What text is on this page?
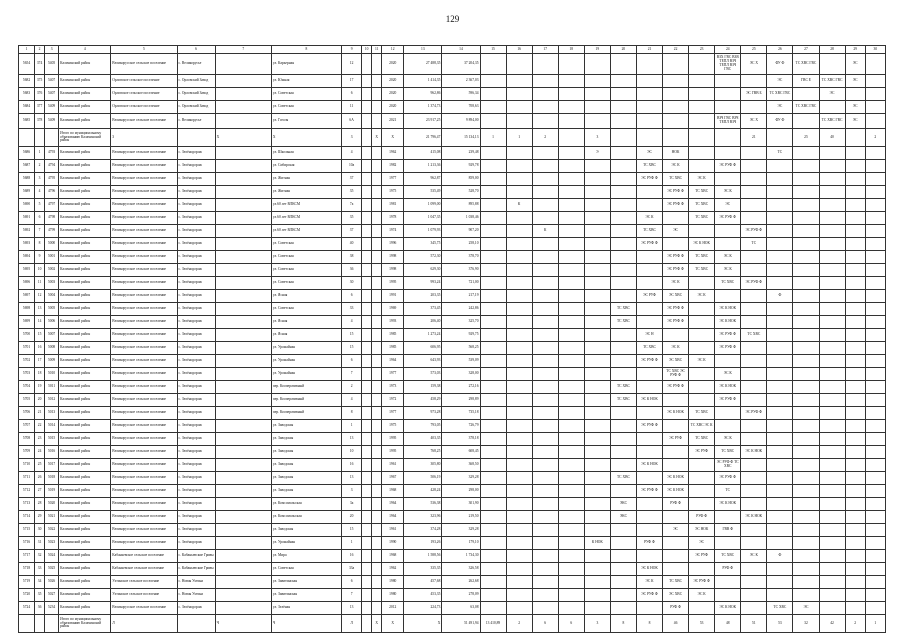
129
1	2	3	4	5	6	7	8	9	10	11	12	13	14	15	16	17	18	19	20	21	22	23	24	25	26	27	28	29	30
5654	374	5405	Калачинский район	Великорусское сельское поселение	с. Великорусье		ул. Карьерная	12			2020	27 488,35	37 204,35										ВЗХ ГВС ВЗВ ТЕПЛ ВЗЧ ТЕПЛ ВЗЧ ГВС	ЭС Х	ФУ Ф	ТС ХВС ГВС		ЭС	
5682	375	5407	Калачинский район	Орловское сельское поселение	с. Орловский Завод		ул. Южная	17			2020	1 414,35	2 367,03												ЭС	ГВС Е	ТС ХВС ГВС	ЭС	
5683	376	5407	Калачинский район	Орловское сельское поселение	с. Орловский Завод		ул. Советская	6			2020	962,86	596,34											ЭС ГВВ Б	ТС ХВС ГВС		ЭС		
5684	377	5409	Калачинский район	Орловское сельское поселение	с. Орловский Завод		ул. Советская	11			2020	1 374,73	708,63												ЭС	ТС ХВС ГВС		ЭС	
5685	378	5409	Калачинский район	Великорусское сельское поселение	с. Великорусье		ул. Гоголя	6А			2021	23 917,25	9 894,00										ВЗЧ ГВС ВЗЧ ТЕПЛ ВЗЧ	ЭС Х	ФУ Ф		ТС ХВС ГВС	ЭС	
			Итого по муниципальному образованию Калачинский район	3		Х	Х	3		Х	Х	21 796,47	15 134,13	1	1	2		3						21		25	40		2
5686	1	4793	Калачинский район	Великорусское сельское поселение	с. Зелёнодорож		ул. Школьная	4			1962	415,08	239,48					Э		ЭС	НОК				ТС				
5687	2	4794	Калачинский район	Великорусское сельское поселение	с. Зелёнодорож		ул. Сибирская	10а			1982	1 213,36	929,78							ТС ХВС	ЭС К		ЭС РУФ Ф						
5688	3	4795	Калачинский район	Великорусское сельское поселение	с. Зелёнодорож		ул. Житная	37			1977	962,87	859,00							ЭС РУФ Ф	ТС ХВС	ЭС К							
5689	4	4796	Калачинский район	Великорусское сельское поселение	с. Зелёнодорож		ул. Житная	35			1975	535,49	528,70								ЭС РУФ Ф	ТС ХВС	ЭС К						
5690	5	4797	Калачинский район	Великорусское сельское поселение	с. Зелёнодорож		ул.60 лет ВЛКСМ	7а			1981	1 099,00	895,88		К						ЭС РУФ Ф	ТС ХВС	ЭС						
5691	6	4798	Калачинский район	Великорусское сельское поселение	с. Зелёнодорож		ул.60 лет ВЛКСМ	35			1978	1 047,35	1 038,46							ЭС К		ТС ХВС	ЭС РУФ Ф						
5692	7	4799	Калачинский район	Великорусское сельское поселение	с. Зелёнодорож		ул.60 лет ВЛКСМ	37			1974	1 079,93	907,20			К				ТС ХВС	ЭС			ЭС РУФ Ф					
5693	8	5000	Калачинский район	Великорусское сельское поселение	с. Зелёнодорож		ул. Советская	40			1996	345,75	258,10							ЭС РУФ Ф		ЭС К НОК		ТС					
5694	9	5001	Калачинский район	Великорусское сельское поселение	с. Зелёнодорож		ул. Советская	38			1998	572,30	378,70								ЭС РУФ Ф	ТС ХВС	ЭС К						
5695	10	5002	Калачинский район	Великорусское сельское поселение	с. Зелёнодорож		ул. Советская	36			1998	629,30	376,90								ЭС РУФ Ф	ТС ХВС	ЭС К						
5696	11	5003	Калачинский район	Великорусское сельское поселение	с. Зелёнодорож		ул. Советская	30			1995	993,24	721,00								ЭС К		ТС ХВС	ЭС РУФ Ф					
5697	12	5004	Калачинский район	Великорусское сельское поселение	с. Зелёнодорож		ул. Ясная	6			1991	203,35	217,19							ЭС РУФ	ЭС ХВС	ЭС К			Ф				
5698	13	5005	Калачинский район	Великорусское сельское поселение	с. Зелёнодорож		ул. Советская	33			1969	373,45	242,86						ТС ХВС		ЭС РУФ Ф		ЭС К НОК						
5699	14	5006	Калачинский район	Великорусское сельское поселение	с. Зелёнодорож		ул. Ясная	4			1993	206,40	325,70						ТС ХВС		ЭС РУФ Ф		ЭС К НОК						
5700	15	5007	Калачинский район	Великорусское сельское поселение	с. Зелёнодорож		ул. Ясная	15			1985	1 273,24	929,75							ЭС Н			ЭС РУФ Ф	ТС ХВС					
5701	16	5008	Калачинский район	Великорусское сельское поселение	с. Зелёнодорож		ул. Урожайная	15			1985	606,95	568,25							ТС ХВС	ЭС К		ЭС РУФ Ф						
5702	17	5009	Калачинский район	Великорусское сельское поселение	с. Зелёнодорож		ул. Урожайная	6			1964	643,93	539,09							ЭС РУФ Ф	ЭС ХВС	ЭС К							
5703	18	5010	Калачинский район	Великорусское сельское поселение	с. Зелёнодорож		ул. Урожайная	7			1977	573,03	328,00								ТС ХВС ЭС РУФ Ф		ЭС К						
5704	19	5011	Калачинский район	Великорусское сельское поселение	с. Зелёнодорож		пер. Кооперативный	2			1973	159,38	272,16						ТС ХВС		ЭС РУФ Ф		ЭС К НОК						
5705	20	5012	Калачинский район	Великорусское сельское поселение	с. Зелёнодорож		пер. Кооперативный	4			1972	458,29	298,89						ТС ХВС	ЭС К НОК			ЭС РУФ Ф						
5706	21	5013	Калачинский район	Великорусское сельское поселение	с. Зелёнодорож		пер. Кооперативный	8			1977	973,28	735,18								ЭС К НОК	ТС ХВС		ЭС РУФ Ф					
5707	22	5014	Калачинский район	Великорусское сельское поселение	с. Зелёнодорож		ул. Заводская	1			1975	793,05	726,79							ЭС РУФ Ф		ТС ХВС ЭС К							
5708	23	5015	Калачинский район	Великорусское сельское поселение	с. Зелёнодорож		ул. Заводская	13			1995	403,35	378,18								ЭС РУФ	ТС ХВС	ЭС К						
5709	24	5016	Калачинский район	Великорусское сельское поселение	с. Зелёнодорож		ул. Заводская	10			1995	768,25	608,45									ЭС РУФ	ТС ХВС	ЭС К НОК					
5710	25	5017	Калачинский район	Великорусское сельское поселение	с. Зелёнодорож		ул. Заводская	16			1961	305,80	368,50							ЭС К НОК			ЭС РУФ Ф ТС ХВС						
5711	26	5018	Калачинский район	Великорусское сельское поселение	с. Зелёнодорож		ул. Заводская	13			1967	506,19	329,28						ТС ХВС		ЭС К НОК		ЭС РУФ Ф						
5712	27	5019	Калачинский район	Великорусское сельское поселение	с. Зелёнодорож		ул. Заводская	3			1968	428,24	298,00							ЭС РУФ Ф	ЭС К НОК		ТС						
5713	28	5020	Калачинский район	Великорусское сельское поселение	с. Зелёнодорож		ул. Комсомольская	3а			1964	536,38	301,90						ЭКС		РУФ Ф		ЭС К НОК						
5714	29	5021	Калачинский район	Великорусское сельское поселение	с. Зелёнодорож		ул. Комсомольская	20			1964	323,96	219,50						ЭКС			РУФ Ф		ЭС К НОК					
5715	30	5022	Калачинский район	Великорусское сельское поселение	с. Зелёнодорож		ул. Заводская	15			1961	374,28	329,28								ЭС	ЭС НОК	ГВВ Ф						
5716	31	5023	Калачинский район	Великорусское сельское поселение	с. Зелёнодорож		ул. Урожайная	1			1990	193,26	179,10					К НОК		РУФ Ф		ЭС							
5717	32	5024	Калачинский район	Кабаньевское сельское поселение	с. Кабаньевские Гривы		ул. Мира	16			1968	1 588,56	1 734,30									ЭС РУФ	ТС ХВС	ЭС К	Ф				
5718	33	5025	Калачинский район	Кабаньевское сельское поселение	с. Кабаньевские Гривы		ул. Советская	33а			1962	335,35	326,58							ЭС К НОК			РУФ Ф						
5719	34	5026	Калачинский район	Ухтинское сельское поселение	с. Новая Ухтина		ул. Завитинская	6			1980	457,68	262,68							ЭС К	ТС ХВС	ЭС РУФ Ф							
5720	35	5027	Калачинский район	Ухтинское сельское поселение	с. Новая Ухтина		ул. Завитинская	7			1980	453,35	278,09							ЭС РУФ Ф	ЭС ХВС	ЭС К							
5724	36	5234	Калачинский район	Великорусское сельское поселение	с. Зелёнодорож		ул. Зелёная	13			2012	224,73	63,08								РУФ Ф		ЭС К НОК		ТС ХВС	ЭС			
			Итого по муниципальному образованию Калачинский район	Л		Ч	Ч	Л		Х	Х	Х	51 491,94	13 410,89	2	6	6	3	8	8	46	53	48	51	53	32	42	2	1
